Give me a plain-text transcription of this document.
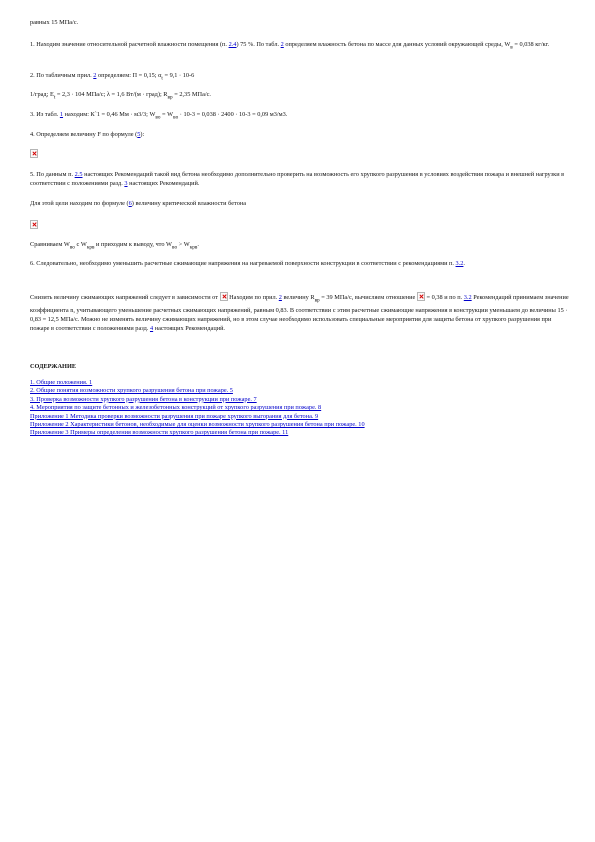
равных 15 МПа/с.

1. Находим значение относительной расчетной влажности помещения (п. 2.4) 75 %. По табл. 2 определяем влажность бетона по массе для данных условий окружающей среды, $W_в = 0,038$ кг/кг.

2. По табличным прил. 2 определяем: П = 0,15; $\alpha_t = 9,1 \cdot 10-6$

1/град; $Е_t = 2,3 \cdot 104$ МПа/с; λ = 1,6 Вт/(м · град); $R_{вр} = 2,35$ МПа/с.

3. Из табл. 1 находим: К`1 = 0,46 Мм · м3/3; $W_{во} = W_{во} \cdot 10-3 = 0,038 \cdot 2400 \cdot 10-3 = 0,09$ м3/м3.

4. Определяем величину F по формуле (5):

5. По данным п. 2.5 настоящих Рекомендаций такой вид бетона необходимо дополнительно проверить на возможность его хрупкого разрушения в условиях воздействия пожара и внешней нагрузки в соответствии с положениями разд. 3 настоящих Рекомендаций.

Для этой цели находим по формуле (6) величину критической влажности бетона

Сравниваем $W_{во}$ с $W_{крв}$ и приходим к выводу, что $W_{во} > W_{крв}$.

6. Следовательно, необходимо уменьшить расчетные сжимающие напряжения на нагреваемой поверхности конструкции в соответствии с рекомендациями п. 3.2.

Снизить величину сжимающих напряжений следует в зависимости от  Находим по прил. 2 величину $R_{вр} = 39$ МПа/с, вычисляем отношение  = 0,38 и по п. 3.2 Рекомендаций принимаем значение коэффициента n, учитывающего уменьшение расчетных сжимающих напряжений, равным 0,83. В соответствии с этим расчетные сжимающие напряжения в конструкции уменьшаем до величины 15 · 0,83 = 12,5 МПа/с. Можно не изменять величину сжимающих напряжений, но в этом случае необходимо использовать специальные мероприятия для защиты бетона от хрупкого разрушения при пожаре в соответствии с положениями разд. 4 настоящих Рекомендаций.

СОДЕРЖАНИЕ

1. Общие положения. 1
2. Общие понятия возможности хрупкого разрушения бетона при пожаре. 5
3. Проверка возможности хрупкого разрушения бетона в конструкции при пожаре. 7
4. Мероприятия по защите бетонных и железобетонных конструкций от хрупкого разрушения при пожаре. 8
Приложение 1 Методика проверки возможности разрушения при пожаре хрупкого выгорания для бетона. 9
Приложение 2 Характеристики бетонов, необходимые для оценки возможности хрупкого разрушения бетона при пожаре. 10
Приложение 3 Примеры определения возможности хрупкого разрушения бетона при пожаре. 11
